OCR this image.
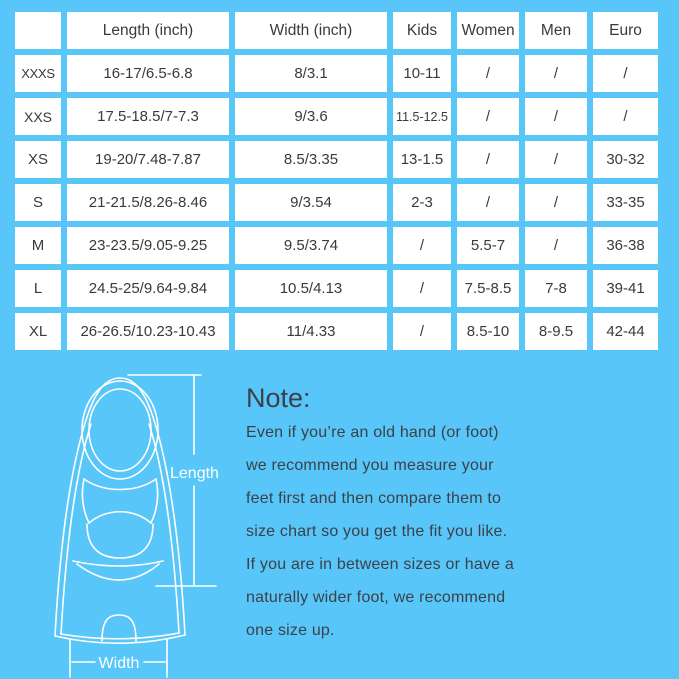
	Length (inch)	Width (inch)	Kids	Women	Men	Euro
XXXS	16-17/6.5-6.8	8/3.1	10-11	/	/	/
XXS	17.5-18.5/7-7.3	9/3.6	11.5-12.5	/	/	/
XS	19-20/7.48-7.87	8.5/3.35	13-1.5	/	/	30-32
S	21-21.5/8.26-8.46	9/3.54	2-3	/	/	33-35
M	23-23.5/9.05-9.25	9.5/3.74	/	5.5-7	/	36-38
L	24.5-25/9.64-9.84	10.5/4.13	/	7.5-8.5	7-8	39-41
XL	26-26.5/10.23-10.43	11/4.33	/	8.5-10	8-9.5	42-44
Length
Width
Note:

Even if you’re an old hand (or foot)

we recommend you measure your

feet first and then compare them to

size chart so you get the fit you like.

If you are in between sizes or have a

naturally wider foot, we recommend

one size up.
